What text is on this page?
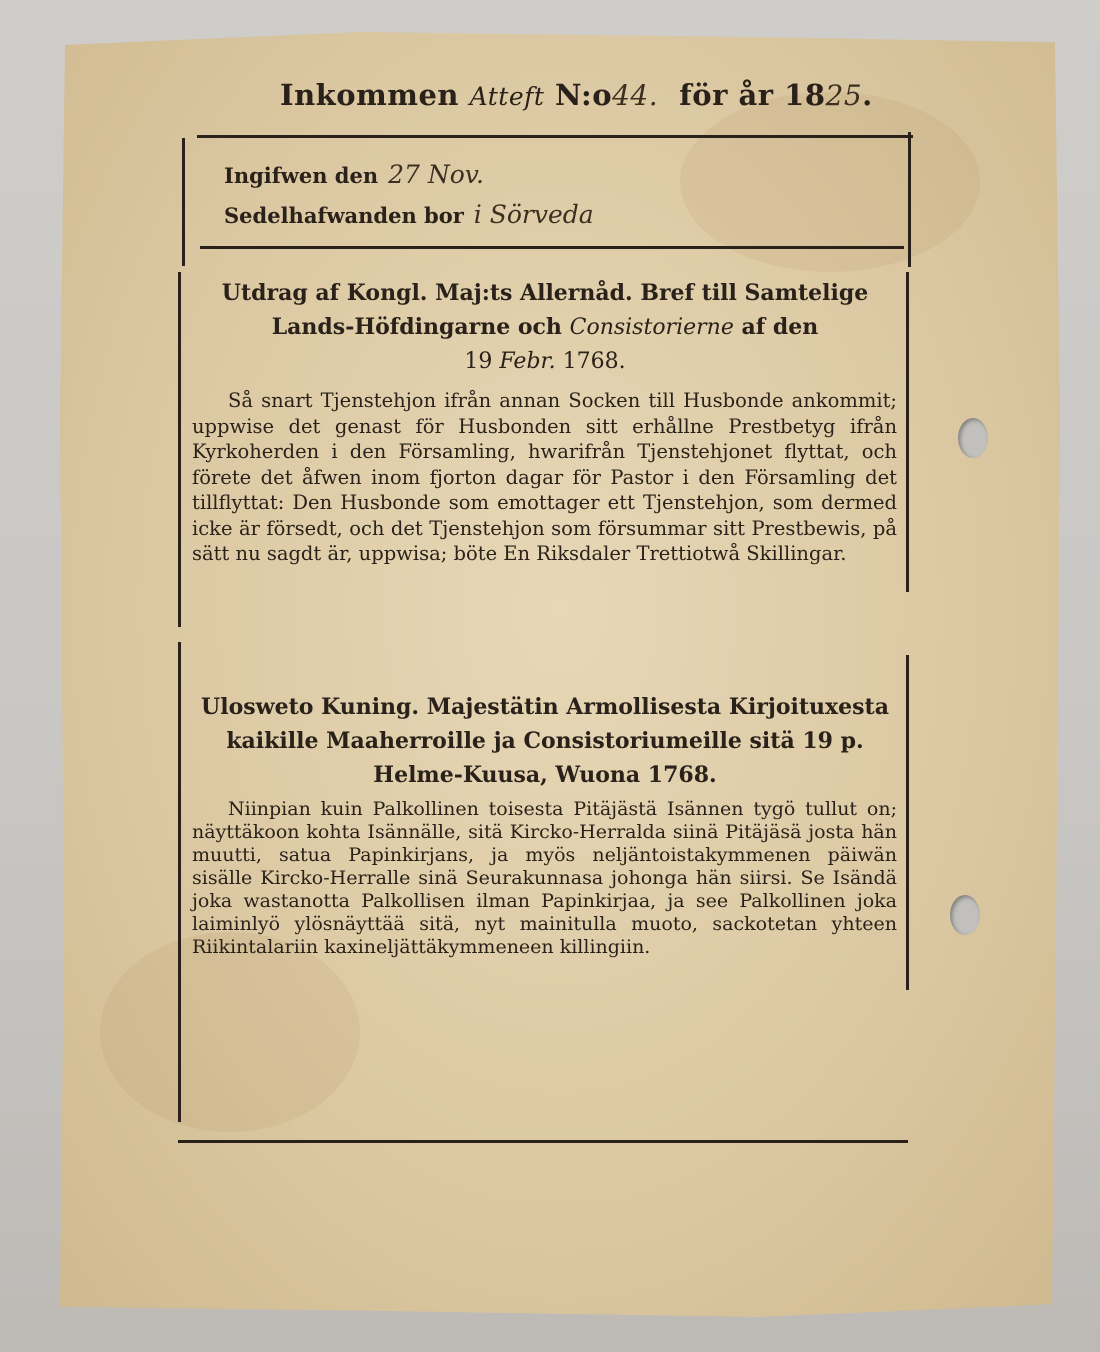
Inkommen Atteft N:o44. för år 1825.
Ingifwen den 27 Nov.
Sedelhafwanden bor i Sörveda
Utdrag af Kongl. Maj:ts Allernåd. Bref till Samtelige
Lands-Höfdingarne och Consistorierne af den
19 Febr. 1768.
Så snart Tjenstehjon ifrån annan Socken till Husbonde ankommit; uppwise det genast för Husbonden sitt erhållne Prestbetyg ifrån Kyrkoherden i den Församling, hwarifrån Tjenstehjonet flyttat, och förete det åfwen inom fjorton dagar för Pastor i den Församling det tillflyttat: Den Husbonde som emottager ett Tjenstehjon, som dermed icke är försedt, och det Tjenstehjon som försummar sitt Prestbewis, på sätt nu sagdt är, uppwisa; böte En Riksdaler Trettiotwå Skillingar.
Ulosweto Kuning. Majestätin Armollisesta Kirjoituxesta
kaikille Maaherroille ja Consistoriumeille sitä 19 p.
Helme-Kuusa, Wuona 1768.
Niinpian kuin Palkollinen toisesta Pitäjästä Isännen tygö tullut on; näyttäkoon kohta Isännälle, sitä Kircko-Herralda siinä Pitäjäsä josta hän muutti, satua Papinkirjans, ja myös neljäntoistakymmenen päiwän sisälle Kircko-Herralle sinä Seurakunnasa johonga hän siirsi. Se Isändä joka wastanotta Palkollisen ilman Papinkirjaa, ja see Palkollinen joka laiminlyö ylösnäyttää sitä, nyt mainitulla muoto, sackotetan yhteen Riikintalariin kaxineljättäkymmeneen killingiin.
